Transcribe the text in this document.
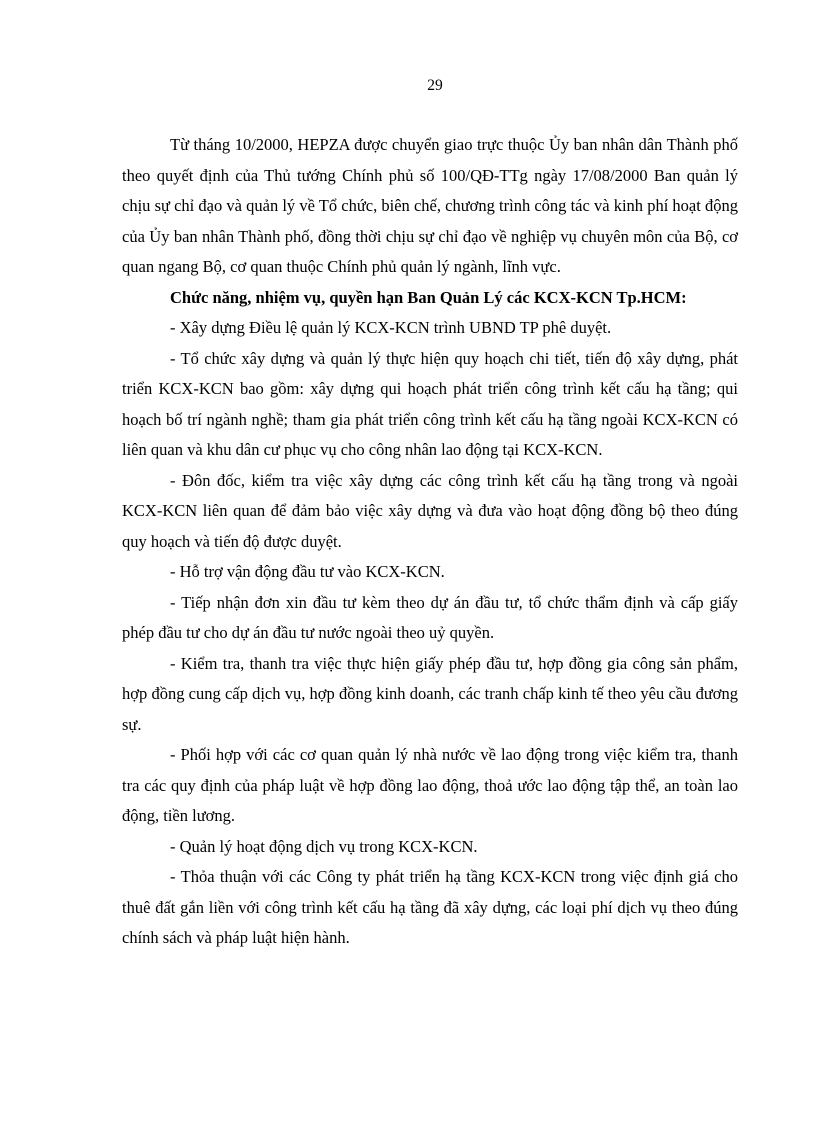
29

Từ tháng 10/2000, HEPZA được chuyển giao trực thuộc Ủy ban nhân dân Thành phố theo quyết định của Thủ tướng Chính phủ số 100/QĐ-TTg ngày 17/08/2000 Ban quản lý chịu sự chỉ đạo và quản lý về Tổ chức, biên chế, chương trình công tác và kinh phí hoạt động của Ủy ban nhân Thành phố, đồng thời chịu sự chỉ đạo về nghiệp vụ chuyên môn của Bộ, cơ quan ngang Bộ, cơ quan thuộc Chính phủ quản lý ngành, lĩnh vực.

Chức năng, nhiệm vụ, quyền hạn Ban Quản Lý các KCX-KCN Tp.HCM:

- Xây dựng Điều lệ quản lý KCX-KCN trình UBND TP phê duyệt.

- Tổ chức xây dựng và quản lý thực hiện quy hoạch chi tiết, tiến độ xây dựng, phát triển KCX-KCN bao gồm: xây dựng qui hoạch phát triển công trình kết cấu hạ tầng; qui hoạch bố trí ngành nghề; tham gia phát triển công trình kết cấu hạ tầng ngoài KCX-KCN có liên quan và khu dân cư phục vụ cho công nhân lao động tại KCX-KCN.

- Đôn đốc, kiểm tra việc xây dựng các công trình kết cấu hạ tầng trong và ngoài KCX-KCN liên quan để đảm bảo việc xây dựng và đưa vào hoạt động đồng bộ theo đúng quy hoạch và tiến độ được duyệt.

- Hỗ trợ vận động đầu tư vào KCX-KCN.

- Tiếp nhận đơn xin đầu tư kèm theo dự án đầu tư, tổ chức thẩm định và cấp giấy phép đầu tư cho dự án đầu tư nước ngoài theo uỷ quyền.

- Kiểm tra, thanh tra việc thực hiện giấy phép đầu tư, hợp đồng gia công sản phẩm, hợp đồng cung cấp dịch vụ, hợp đồng kinh doanh, các tranh chấp kinh tế theo yêu cầu đương sự.

- Phối hợp với các cơ quan quản lý nhà nước về lao động trong việc kiểm tra, thanh tra các quy định của pháp luật về hợp đồng lao động, thoả ước lao động tập thể, an toàn lao động, tiền lương.

- Quản lý hoạt động dịch vụ trong KCX-KCN.

- Thỏa thuận với các Công ty phát triển hạ tầng KCX-KCN trong việc định giá cho thuê đất gắn liền với công trình kết cấu hạ tầng đã xây dựng, các loại phí dịch vụ theo đúng chính sách và pháp luật hiện hành.
